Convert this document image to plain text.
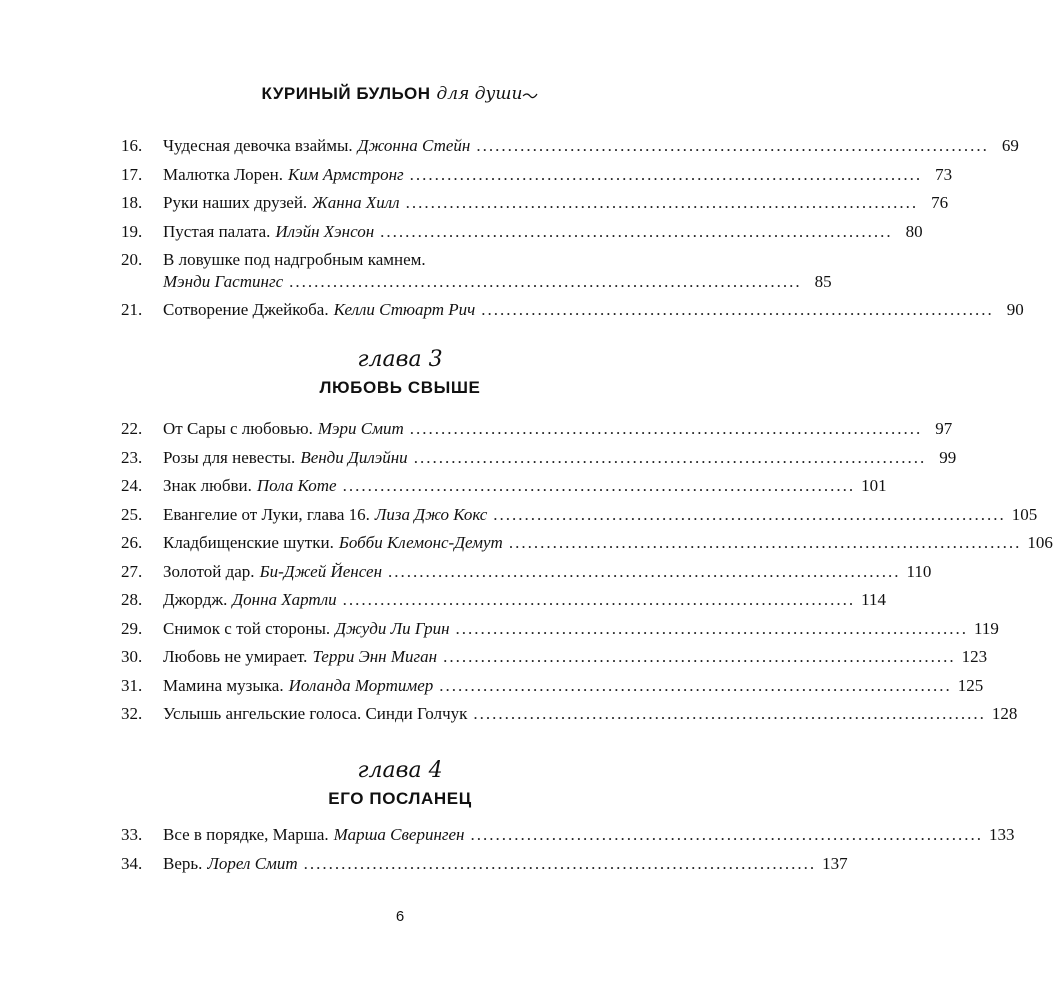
КУРИНЫЙ БУЛЬОН для души
16.	Чудесная девочка взаймы. Джонна Стейн .................................................................................. 69
17.	Малютка Лорен. Ким Армстронг .................................................................................. 73
18.	Руки наших друзей. Жанна Хилл .................................................................................. 76
19.	Пустая палата. Илэйн Хэнсон .................................................................................. 80
20.	В ловушке под надгробным камнем.
Мэнди Гастингс .................................................................................. 85
21.	Сотворение Джейкоба. Келли Стюарт Рич .................................................................................. 90
глава 3
ЛЮБОВЬ СВЫШЕ
22.	От Сары с любовью. Мэри Смит .................................................................................. 97
23.	Розы для невесты. Венди Дилэйни .................................................................................. 99
24.	Знак любви. Пола Коте .................................................................................. 101
25.	Евангелие от Луки, глава 16. Лиза Джо Кокс .................................................................................. 105
26.	Кладбищенские шутки. Бобби Клемонс-Демут .................................................................................. 106
27.	Золотой дар. Би-Джей Йенсен .................................................................................. 110
28.	Джордж. Донна Хартли .................................................................................. 114
29.	Снимок с той стороны. Джуди Ли Грин .................................................................................. 119
30.	Любовь не умирает. Терри Энн Миган .................................................................................. 123
31.	Мамина музыка. Иоланда Мортимер .................................................................................. 125
32.	Услышь ангельские голоса. Синди Голчук .................................................................................. 128
глава 4
ЕГО ПОСЛАНЕЦ
33.	Все в порядке, Марша. Марша Сверинген .................................................................................. 133
34.	Верь. Лорел Смит .................................................................................. 137
6
